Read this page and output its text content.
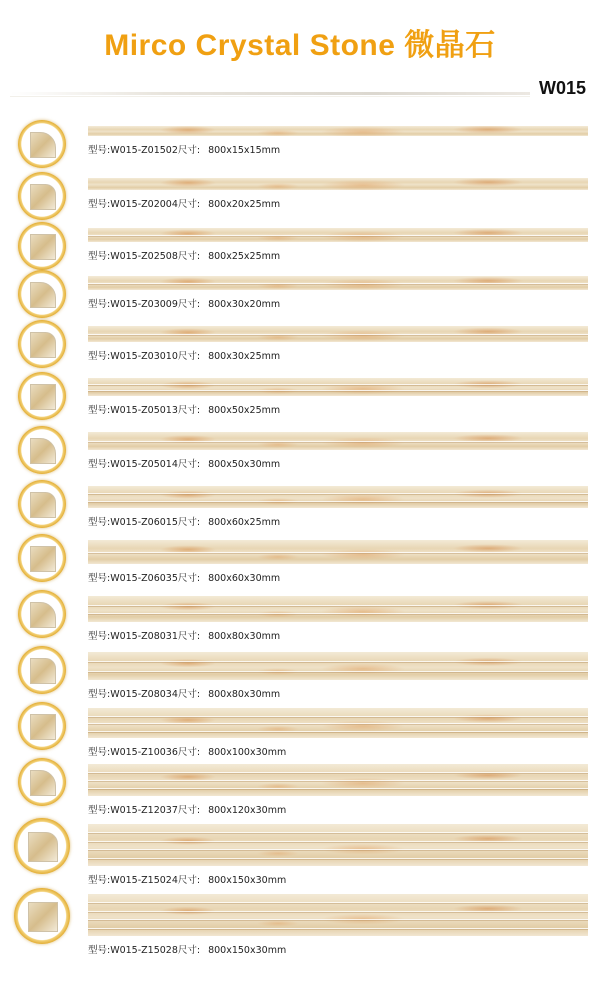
Mirco Crystal Stone 微晶石
W015
型号:W015-Z01502尺寸: 800x15x15mm
型号:W015-Z02004尺寸: 800x20x25mm
型号:W015-Z02508尺寸: 800x25x25mm
型号:W015-Z03009尺寸: 800x30x20mm
型号:W015-Z03010尺寸: 800x30x25mm
型号:W015-Z05013尺寸: 800x50x25mm
型号:W015-Z05014尺寸: 800x50x30mm
型号:W015-Z06015尺寸: 800x60x25mm
型号:W015-Z06035尺寸: 800x60x30mm
型号:W015-Z08031尺寸: 800x80x30mm
型号:W015-Z08034尺寸: 800x80x30mm
型号:W015-Z10036尺寸: 800x100x30mm
型号:W015-Z12037尺寸: 800x120x30mm
型号:W015-Z15024尺寸: 800x150x30mm
型号:W015-Z15028尺寸: 800x150x30mm
